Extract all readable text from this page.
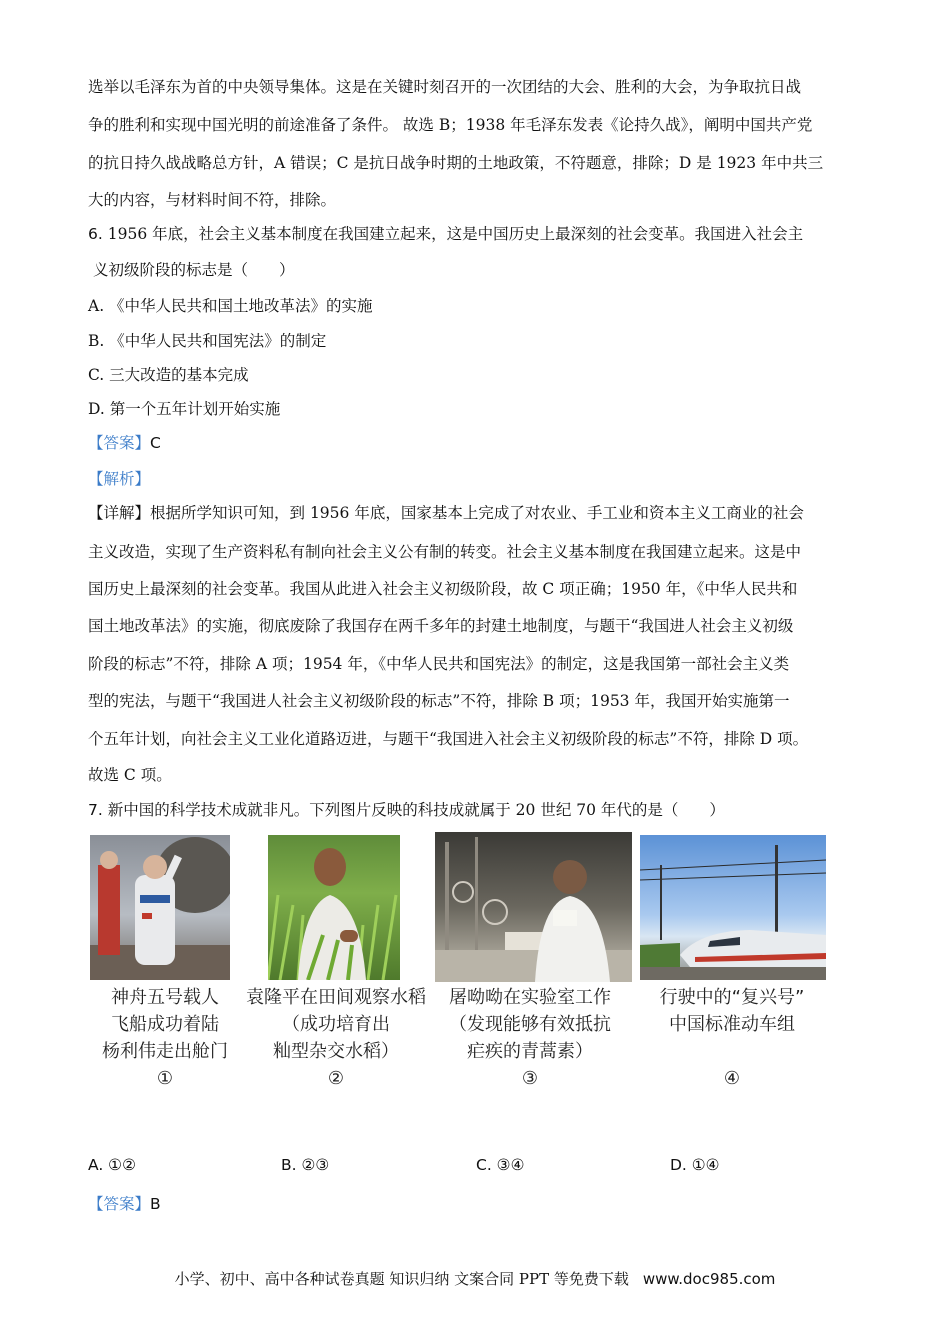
选举以毛泽东为首的中央领导集体。这是在关键时刻召开的一次团结的大会、胜利的大会，为争取抗日战
争的胜利和实现中国光明的前途准备了条件。 故选 B；1938 年毛泽东发表《论持久战》，阐明中国共产党
的抗日持久战战略总方针，A 错误；C 是抗日战争时期的土地政策，不符题意，排除；D 是 1923 年中共三
大的内容，与材料时间不符，排除。
6. 1956 年底，社会主义基本制度在我国建立起来，这是中国历史上最深刻的社会变革。我国进入社会主
义初级阶段的标志是（　　）
A. 《中华人民共和国土地改革法》的实施
B. 《中华人民共和国宪法》的制定
C. 三大改造的基本完成
D. 第一个五年计划开始实施
【答案】C
【解析】
【详解】根据所学知识可知，到 1956 年底，国家基本上完成了对农业、手工业和资本主义工商业的社会
主义改造，实现了生产资料私有制向社会主义公有制的转变。社会主义基本制度在我国建立起来。这是中
国历史上最深刻的社会变革。我国从此进入社会主义初级阶段，故 C 项正确；1950 年，《中华人民共和
国土地改革法》的实施，彻底废除了我国存在两千多年的封建土地制度，与题干“我国进人社会主义初级
阶段的标志”不符，排除 A 项；1954 年，《中华人民共和国宪法》的制定，这是我国第一部社会主义类
型的宪法，与题干“我国进人社会主义初级阶段的标志”不符，排除 B 项；1953 年，我国开始实施第一
个五年计划，向社会主义工业化道路迈进，与题干“我国进入社会主义初级阶段的标志”不符，排除 D 项。
故选 C 项。
7. 新中国的科学技术成就非凡。下列图片反映的科技成就属于 20 世纪 70 年代的是（　　）
神舟五号载人
飞船成功着陆
杨利伟走出舱门
①
袁隆平在田间观察水稻
（成功培育出
籼型杂交水稻）
②
屠呦呦在实验室工作
（发现能够有效抵抗
疟疾的青蒿素）
③
行驶中的“复兴号”
中国标准动车组
④
A. ①②	B. ②③	C. ③④	D. ①④
【答案】B
小学、初中、高中各种试卷真题 知识归纳 文案合同 PPT 等免费下载 www.doc985.com
